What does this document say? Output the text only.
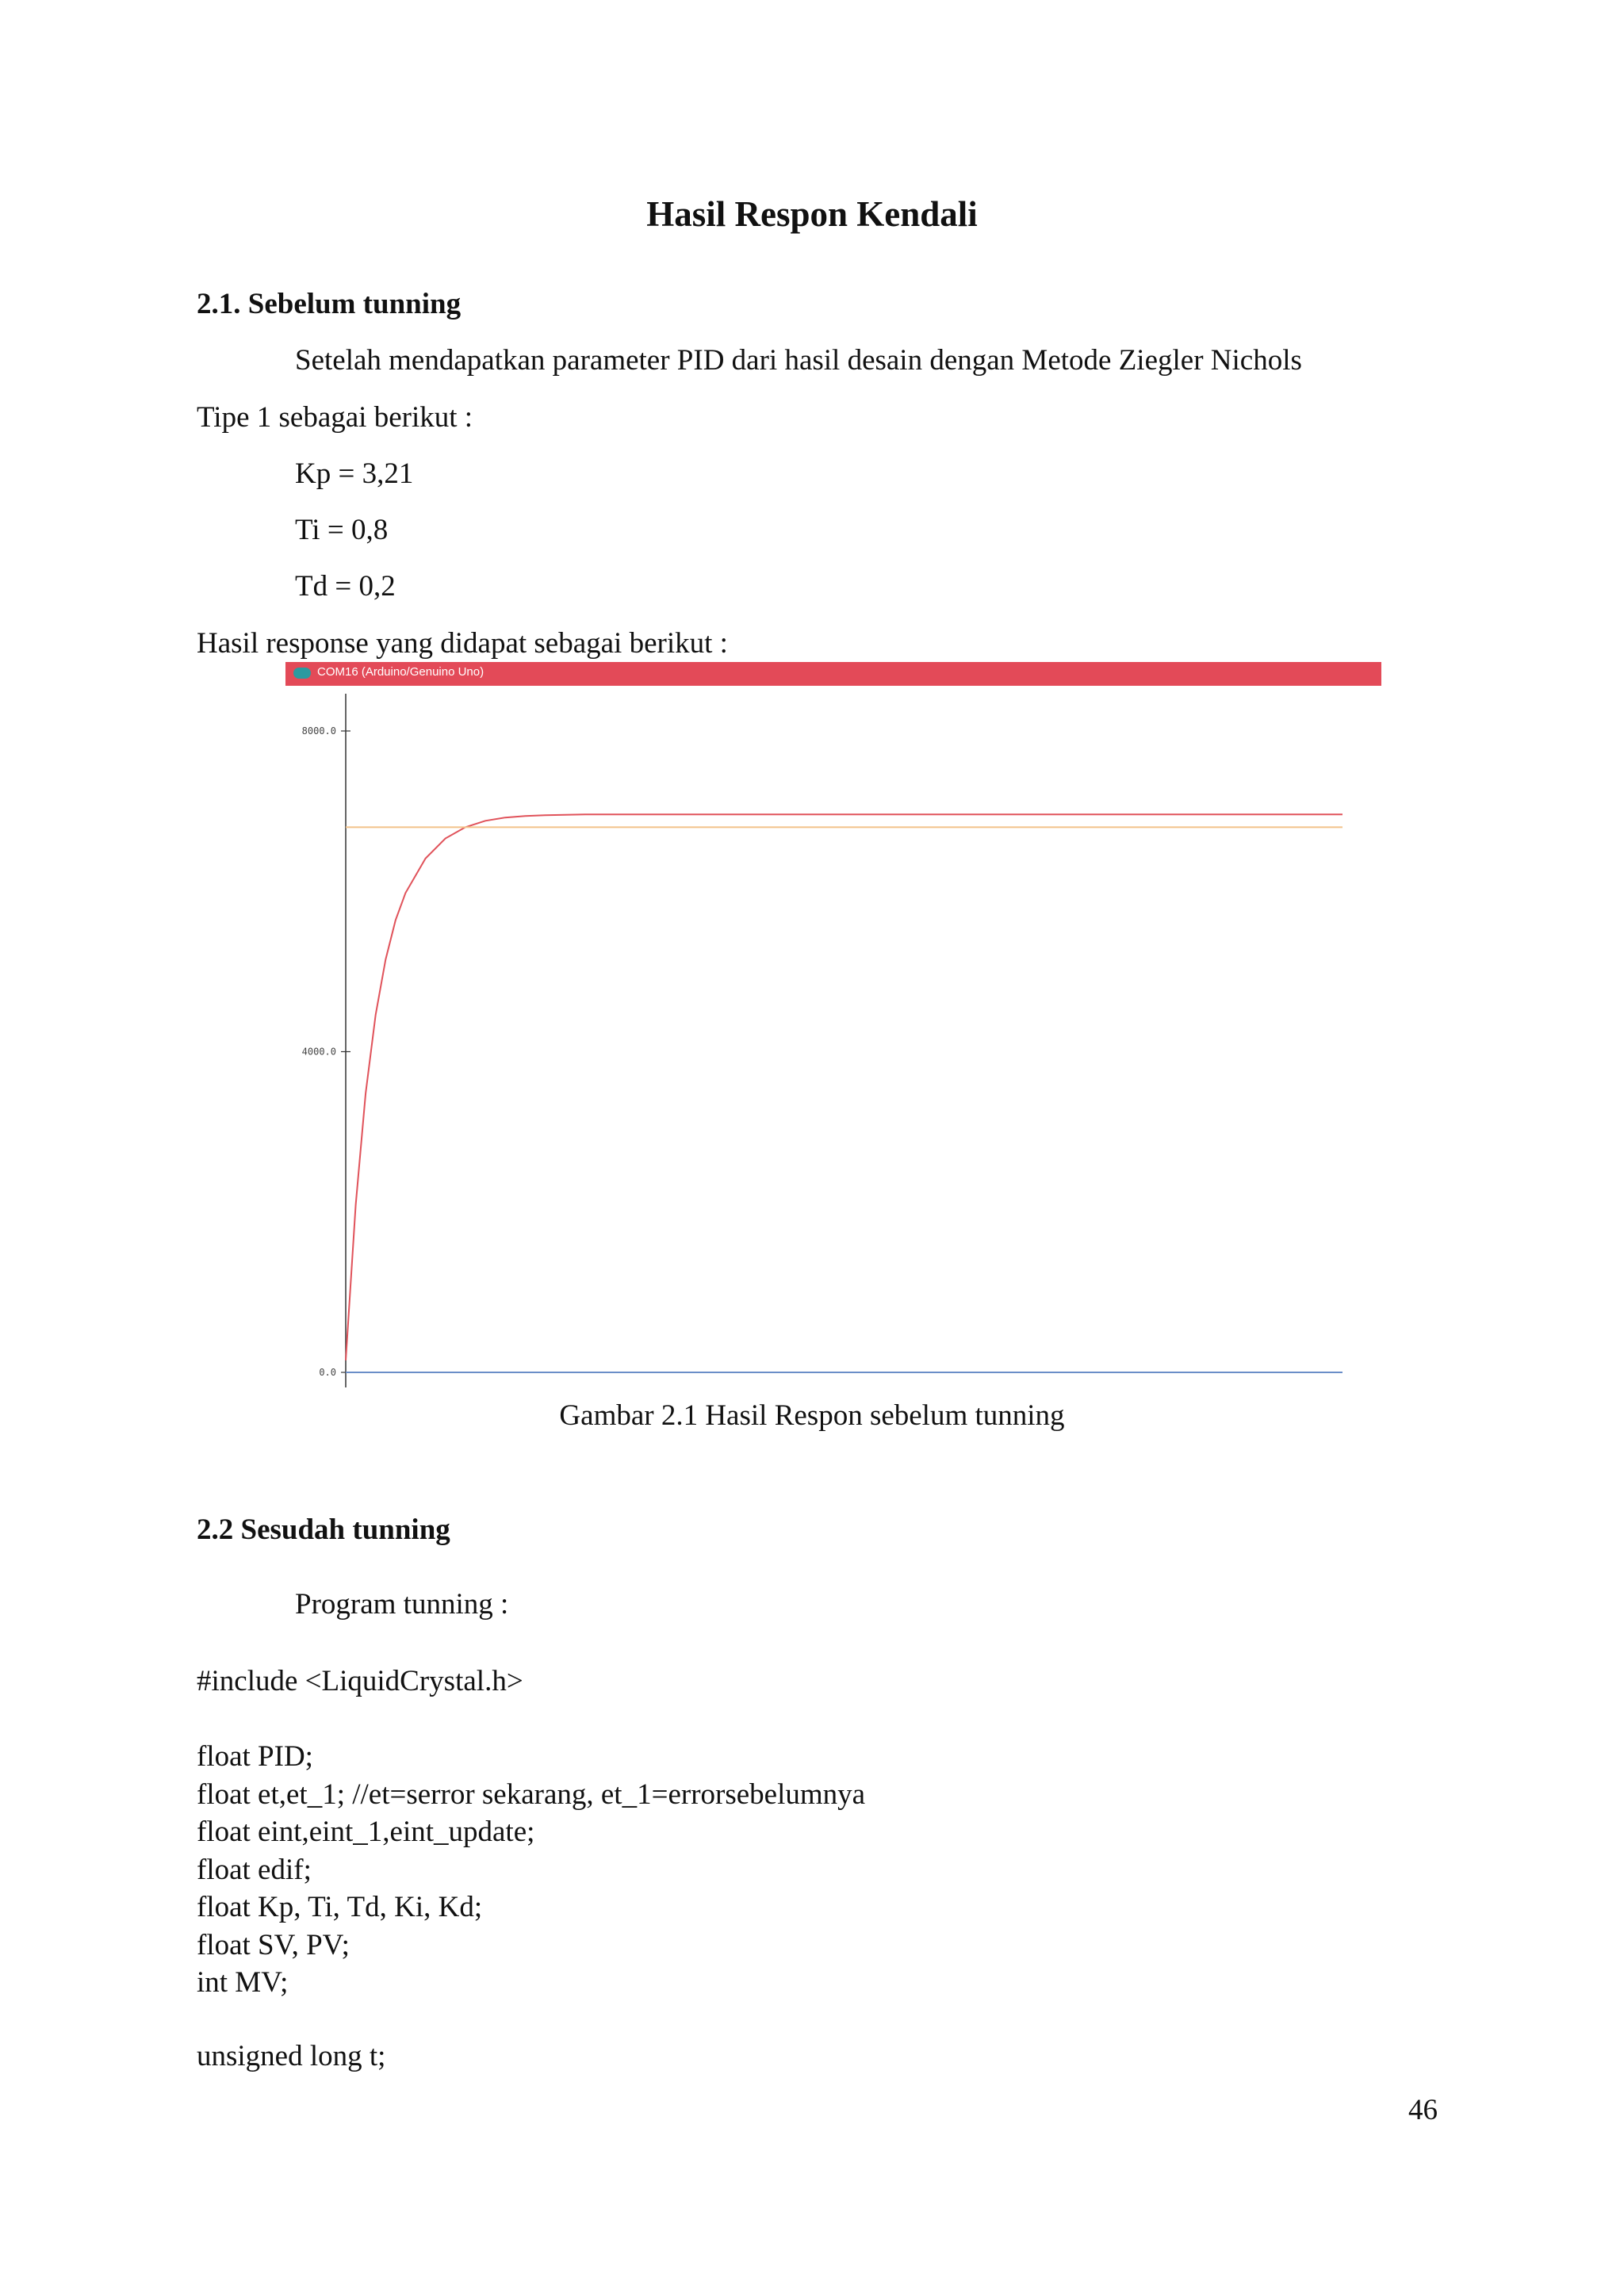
Hasil Respon Kendali
2.1. Sebelum tunning
Setelah mendapatkan parameter PID dari hasil desain dengan Metode Ziegler Nichols
Tipe 1 sebagai berikut :
Kp = 3,21
Ti = 0,8
Td = 0,2
Hasil response yang didapat sebagai berikut :
COM16 (Arduino/Genuino Uno)
8000.0
4000.0
0.0
Gambar 2.1 Hasil Respon sebelum tunning
2.2 Sesudah tunning
Program tunning :
#include <LiquidCrystal.h>
float PID;
float et,et_1; //et=serror sekarang, et_1=errorsebelumnya
float eint,eint_1,eint_update;
float edif;
float Kp, Ti, Td, Ki, Kd;
float SV, PV;
int MV;
unsigned long t;
46
